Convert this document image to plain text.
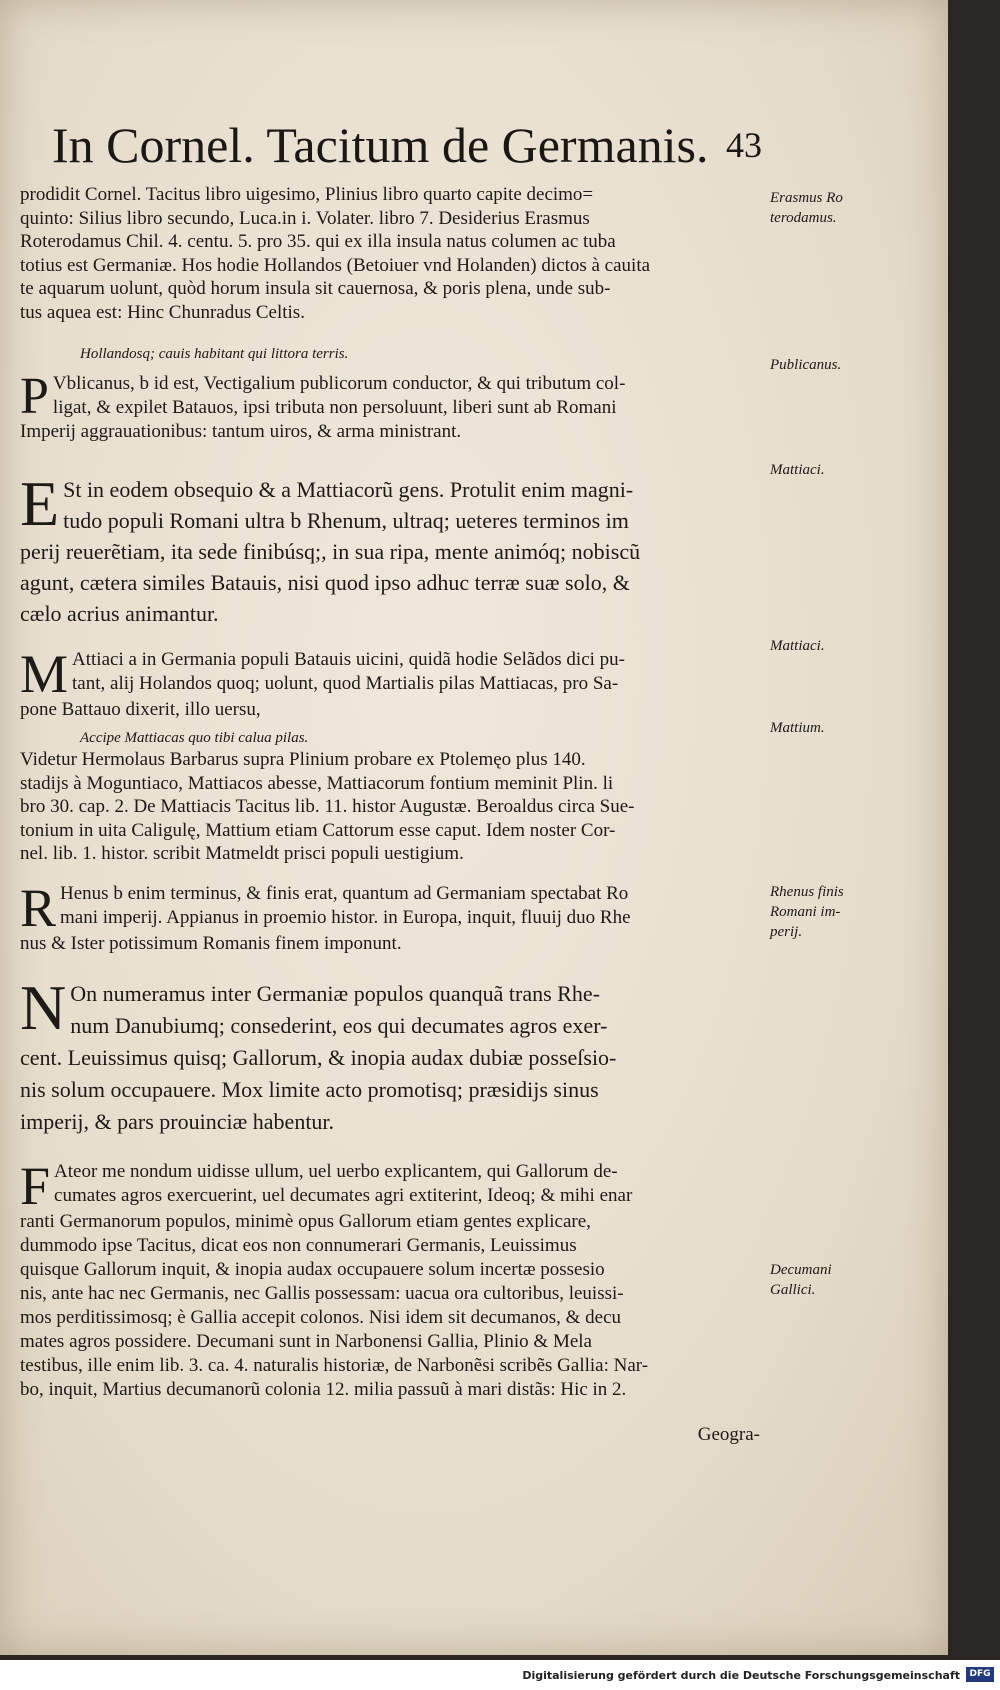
In Cornel. Tacitum de Germanis. 43
prodidit Cornel. Tacitus libro uigesimo, Plinius libro quarto capite decimo=
quinto: Silius libro secundo, Luca.in i. Volater. libro 7. Desiderius Erasmus
Roterodamus Chil. 4. centu. 5. pro 35. qui ex illa insula natus columen ac tuba
totius est Germaniæ. Hos hodie Hollandos (Betoiuer vnd Holanden) dictos à cauita
te aquarum uolunt, quòd horum insula sit cauernosa, & poris plena, unde sub-
tus aquea est: Hinc Chunradus Celtis.
Hollandosq; cauis habitant qui littora terris.
P Vblicanus, b id est, Vectigalium publicorum conductor, & qui tributum col-
ligat, & expilet Batauos, ipsi tributa non persoluunt, liberi sunt ab Romani
Imperij aggrauationibus: tantum uiros, & arma ministrant.
E St in eodem obsequio & a Mattiacorũ gens. Protulit enim magni-
tudo populi Romani ultra b Rhenum, ultraq; ueteres terminos im
perij reuerẽtiam, ita sede finibúsq;, in sua ripa, mente animóq; nobiscũ
agunt, cætera similes Batauis, nisi quod ipso adhuc terræ suæ solo, &
cælo acrius animantur.
M Attiaci a in Germania populi Batauis uicini, quidã hodie Selãdos dici pu-
tant, alij Holandos quoq; uolunt, quod Martialis pilas Mattiacas, pro Sa-
pone Battauo dixerit, illo uersu,
Accipe Mattiacas quo tibi calua pilas.
Videtur Hermolaus Barbarus supra Plinium probare ex Ptolemęo plus 140.
stadijs à Moguntiaco, Mattiacos abesse, Mattiacorum fontium meminit Plin. li
bro 30. cap. 2. De Mattiacis Tacitus lib. 11. histor Augustæ. Beroaldus circa Sue-
tonium in uita Caligulę, Mattium etiam Cattorum esse caput. Idem noster Cor-
nel. lib. 1. histor. scribit Matmeldt prisci populi uestigium.
R Henus b enim terminus, & finis erat, quantum ad Germaniam spectabat Ro
mani imperij. Appianus in proemio histor. in Europa, inquit, fluuij duo Rhe
nus & Ister potissimum Romanis finem imponunt.
N On numeramus inter Germaniæ populos quanquã trans Rhe-
num Danubiumq; consederint, eos qui decumates agros exer-
cent. Leuissimus quisq; Gallorum, & inopia audax dubiæ posseſsio-
nis solum occupauere. Mox limite acto promotisq; præsidijs sinus
imperij, & pars prouinciæ habentur.
F Ateor me nondum uidisse ullum, uel uerbo explicantem, qui Gallorum de-
cumates agros exercuerint, uel decumates agri extiterint, Ideoq; & mihi enar
ranti Germanorum populos, minimè opus Gallorum etiam gentes explicare,
dummodo ipse Tacitus, dicat eos non connumerari Germanis, Leuissimus
quisque Gallorum inquit, & inopia audax occupauere solum incertæ possesio
nis, ante hac nec Germanis, nec Gallis possessam: uacua ora cultoribus, leuissi-
mos perditissimosq; è Gallia accepit colonos. Nisi idem sit decumanos, & decu
mates agros possidere. Decumani sunt in Narbonensi Gallia, Plinio & Mela
testibus, ille enim lib. 3. ca. 4. naturalis historiæ, de Narbonẽsi scribẽs Gallia: Nar-
bo, inquit, Martius decumanorũ colonia 12. milia passuũ à mari distãs: Hic in 2.
Geogra-
Erasmus Ro terodamus.
Publicanus.
Mattiaci.
Mattiaci.
Mattium.
Rhenus finis Romani im- perij.
Decumani Gallici.
Digitalisierung gefördert durch die Deutsche Forschungsgemeinschaft	DFG
